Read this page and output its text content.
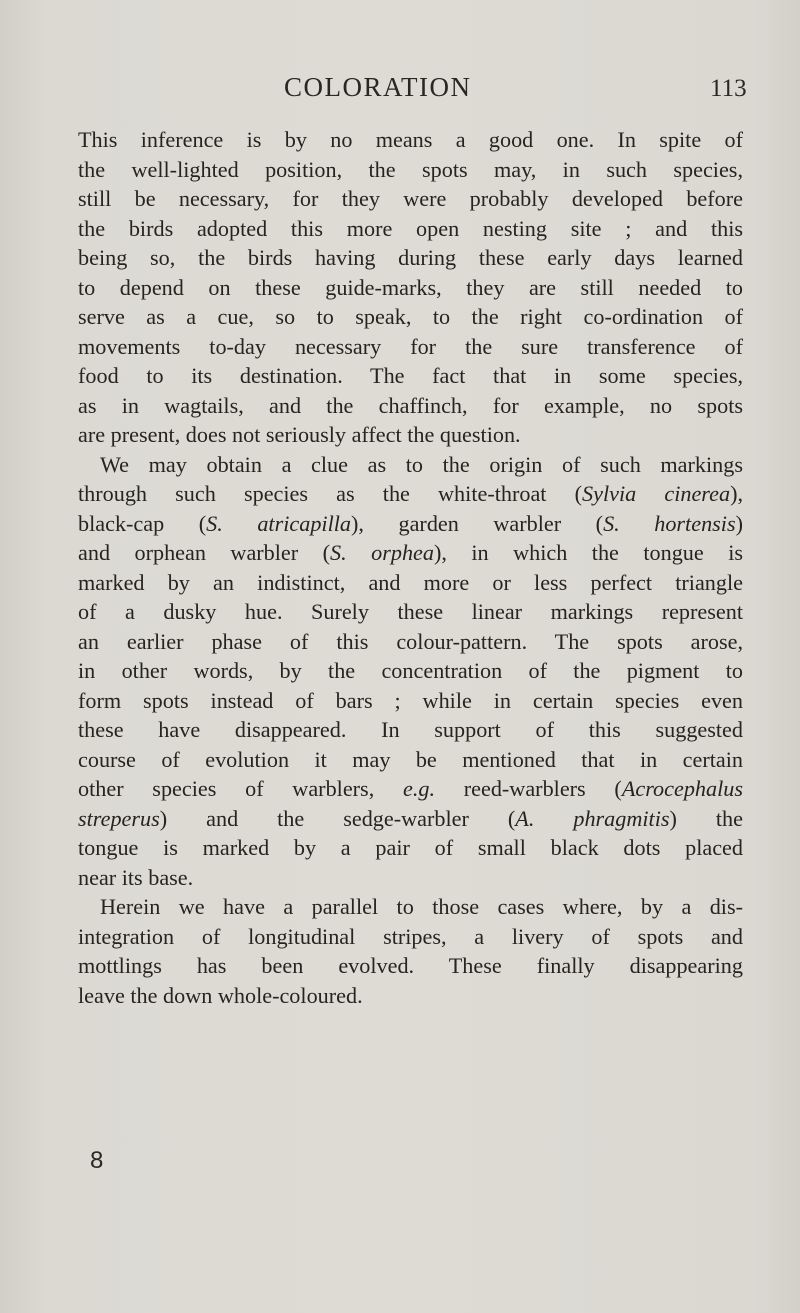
COLORATION	113
This inference is by no means a good one. In spite of
the well-lighted position, the spots may, in such species,
still be necessary, for they were probably developed before
the birds adopted this more open nesting site ; and this
being so, the birds having during these early days learned
to depend on these guide-marks, they are still needed to
serve as a cue, so to speak, to the right co-ordination of
movements to-day necessary for the sure transference of
food to its destination. The fact that in some species,
as in wagtails, and the chaffinch, for example, no spots
are present, does not seriously affect the question.
We may obtain a clue as to the origin of such markings
through such species as the white-throat (Sylvia cinerea),
black-cap (S. atricapilla), garden warbler (S. hortensis)
and orphean warbler (S. orphea), in which the tongue is
marked by an indistinct, and more or less perfect triangle
of a dusky hue. Surely these linear markings represent
an earlier phase of this colour-pattern. The spots arose,
in other words, by the concentration of the pigment to
form spots instead of bars ; while in certain species even
these have disappeared. In support of this suggested
course of evolution it may be mentioned that in certain
other species of warblers, e.g. reed-warblers (Acrocephalus
streperus) and the sedge-warbler (A. phragmitis) the
tongue is marked by a pair of small black dots placed
near its base.
Herein we have a parallel to those cases where, by a dis-
integration of longitudinal stripes, a livery of spots and
mottlings has been evolved. These finally disappearing
leave the down whole-coloured.
8
